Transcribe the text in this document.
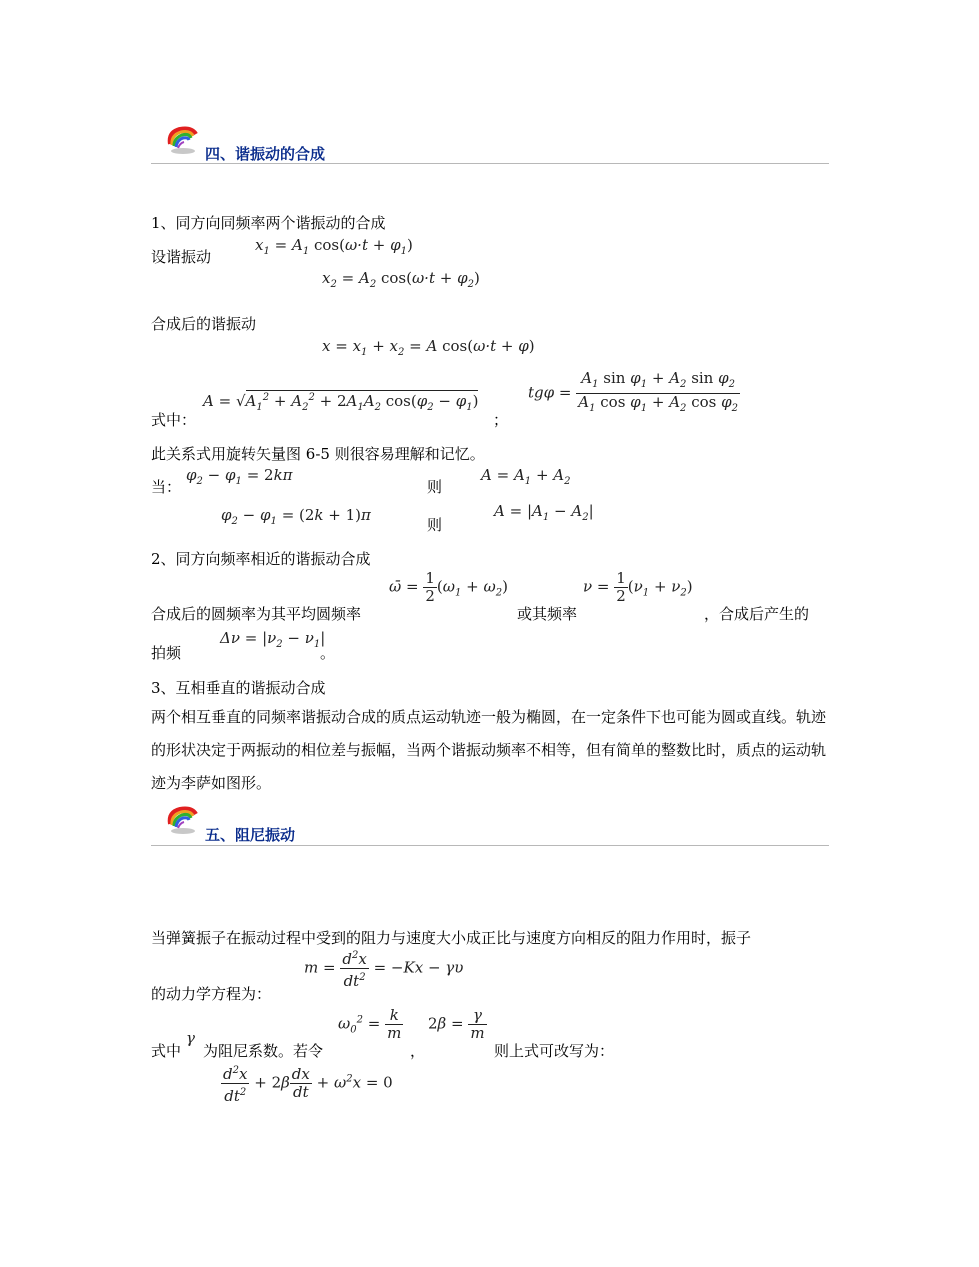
四、谐振动的合成
1、同方向同频率两个谐振动的合成
设谐振动
$x_1 = A_1$ $\cos(\omega\cdot t + \varphi_1)$
$x_2 = A_2$ $\cos(\omega\cdot t + \varphi_2)$
合成后的谐振动
$x = x_1 + x_2 = A$ cos(ω·t + φ)
式中：
$A = √A_1^2 + A_2^2 + 2A_1A_2$ $\cos(\varphi_2 - \varphi_1)$
；
$tg\varphi = \frac{A_1 \sin \varphi_1 + A_2 \sin \varphi_2}{A_1 \cos \varphi_1 + A_2 \cos \varphi_2}$
此关系式用旋转矢量图 6-5 则很容易理解和记忆。
当：
$\varphi_2 - \varphi_1 = 2k\pi$
则
$A = A_1 + A_2$
$\varphi_2 - \varphi_1 = (2k + 1)\pi$
则
$A = |A_1 - A_2|$
2、同方向频率相近的谐振动合成
合成后的圆频率为其平均圆频率
ω̄ = $\frac{1}{2} (\omega_1 + \omega_2)$
或其频率
$\nu = \frac{1}{2} (\nu_1 + \nu_2)$
，合成后产生的
拍频
$\Delta\nu = |\nu_2 - \nu_1|$
。
3、互相垂直的谐振动合成
两个相互垂直的同频率谐振动合成的质点运动轨迹一般为椭圆，在一定条件下也可能为圆或直线。轨迹的形状决定于两振动的相位差与振幅，当两个谐振动频率不相等，但有简单的整数比时，质点的运动轨迹为李萨如图形。
五、阻尼振动
当弹簧振子在振动过程中受到的阻力与速度大小成正比与速度方向相反的阻力作用时，振子
的动力学方程为：
$m = \frac{d^2x}{dt^2} = -Kx - \gamma\upsilon$
式中
γ
为阻尼系数。若令
$\omega_0^2 = \frac{k}{m}$
，
$2\beta = \frac{\gamma}{m}$
则上式可改写为：
$\frac{d^2x}{dt^2} + 2\beta \frac{dx}{dt} + \omega^2x = 0$
